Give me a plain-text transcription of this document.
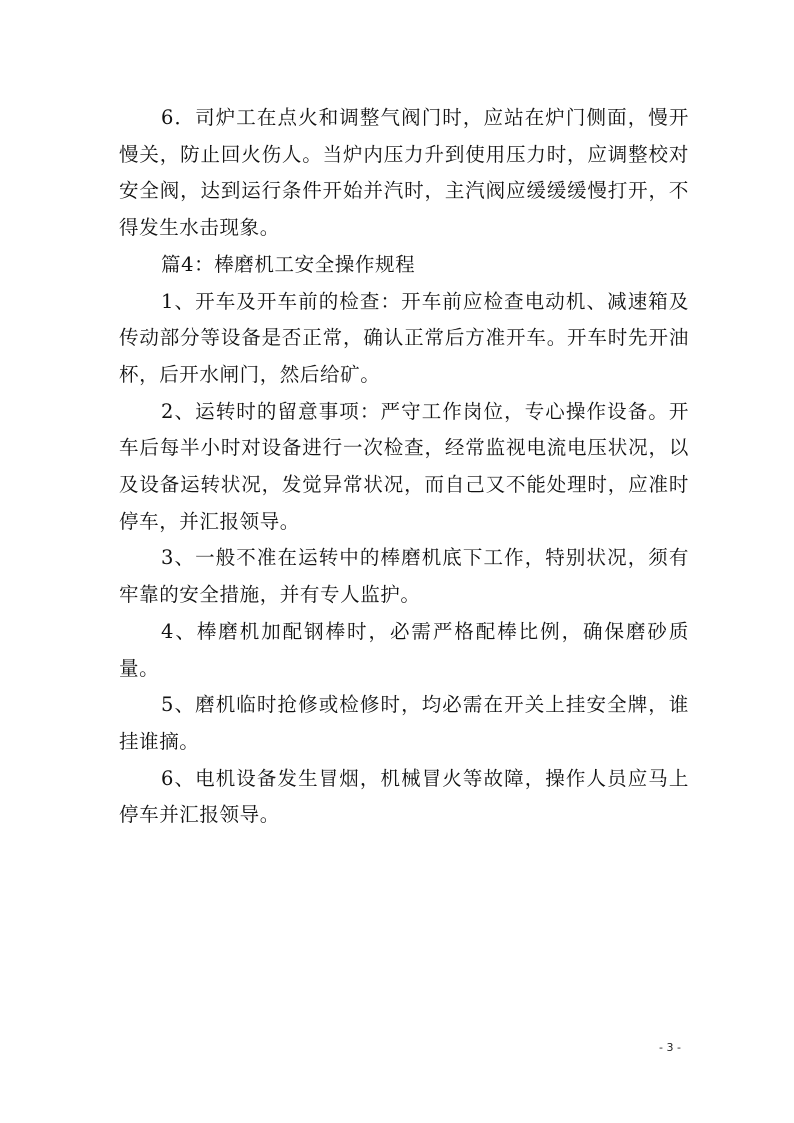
6．司炉工在点火和调整气阀门时，应站在炉门侧面，慢开慢关，防止回火伤人。当炉内压力升到使用压力时，应调整校对安全阀，达到运行条件开始并汽时，主汽阀应缓缓缓慢打开，不得发生水击现象。

篇4：棒磨机工安全操作规程

1、开车及开车前的检查：开车前应检查电动机、减速箱及传动部分等设备是否正常，确认正常后方准开车。开车时先开油杯，后开水闸门，然后给矿。

2、运转时的留意事项：严守工作岗位，专心操作设备。开车后每半小时对设备进行一次检查，经常监视电流电压状况，以及设备运转状况，发觉异常状况，而自己又不能处理时，应准时停车，并汇报领导。

3、一般不准在运转中的棒磨机底下工作，特别状况，须有牢靠的安全措施，并有专人监护。

4、棒磨机加配钢棒时，必需严格配棒比例，确保磨砂质量。

5、磨机临时抢修或检修时，均必需在开关上挂安全牌，谁挂谁摘。

6、电机设备发生冒烟，机械冒火等故障，操作人员应马上停车并汇报领导。

- 3 -
